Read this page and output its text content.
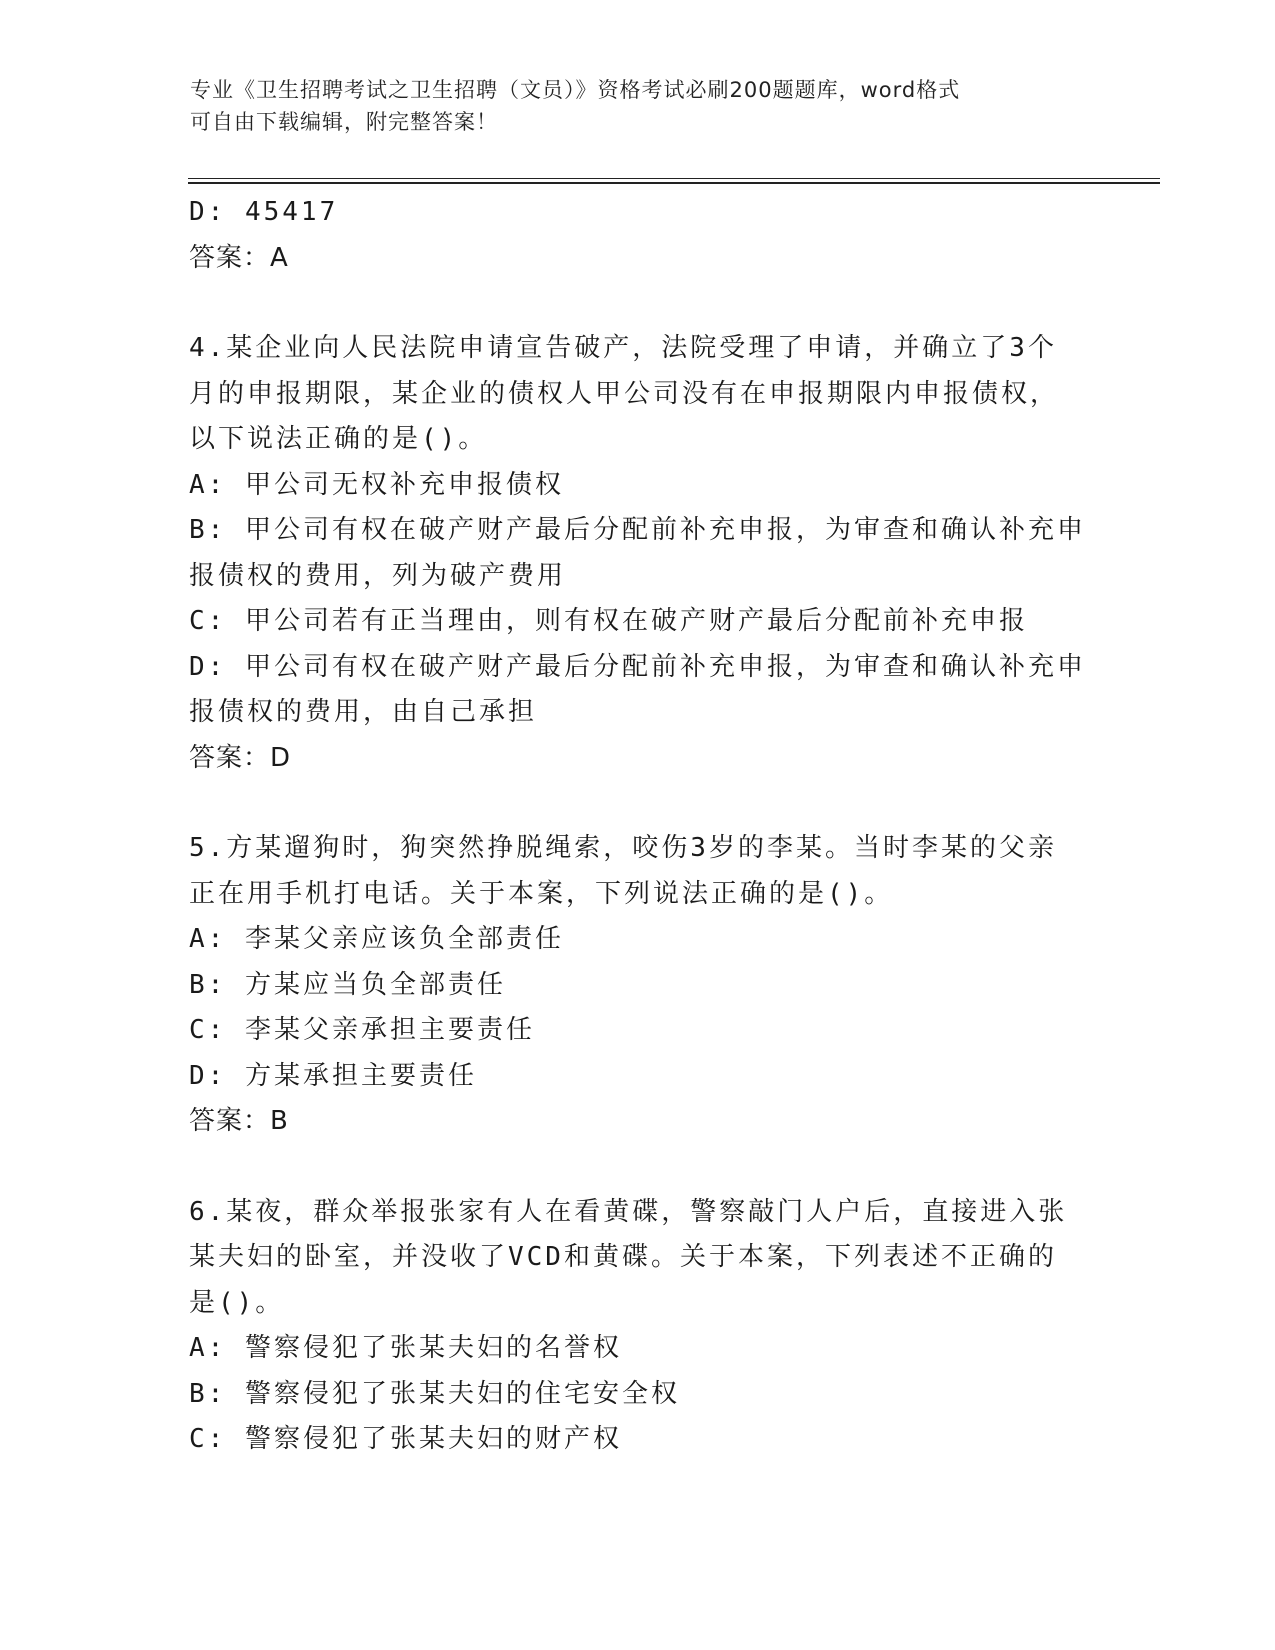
专业《卫生招聘考试之卫生招聘（文员）》资格考试必刷200题题库，word格式
可自由下载编辑，附完整答案！
D: 45417
答案：A
4.某企业向人民法院申请宣告破产，法院受理了申请，并确立了3个
月的申报期限，某企业的债权人甲公司没有在申报期限内申报债权，
以下说法正确的是()。
A: 甲公司无权补充申报债权
B: 甲公司有权在破产财产最后分配前补充申报，为审查和确认补充申
报债权的费用，列为破产费用
C: 甲公司若有正当理由，则有权在破产财产最后分配前补充申报
D: 甲公司有权在破产财产最后分配前补充申报，为审查和确认补充申
报债权的费用，由自己承担
答案：D
5.方某遛狗时，狗突然挣脱绳索，咬伤3岁的李某。当时李某的父亲
正在用手机打电话。关于本案，下列说法正确的是()。
A: 李某父亲应该负全部责任
B: 方某应当负全部责任
C: 李某父亲承担主要责任
D: 方某承担主要责任
答案：B
6.某夜，群众举报张家有人在看黄碟，警察敲门人户后，直接进入张
某夫妇的卧室，并没收了VCD和黄碟。关于本案，下列表述不正确的
是()。
A: 警察侵犯了张某夫妇的名誉权
B: 警察侵犯了张某夫妇的住宅安全权
C: 警察侵犯了张某夫妇的财产权
